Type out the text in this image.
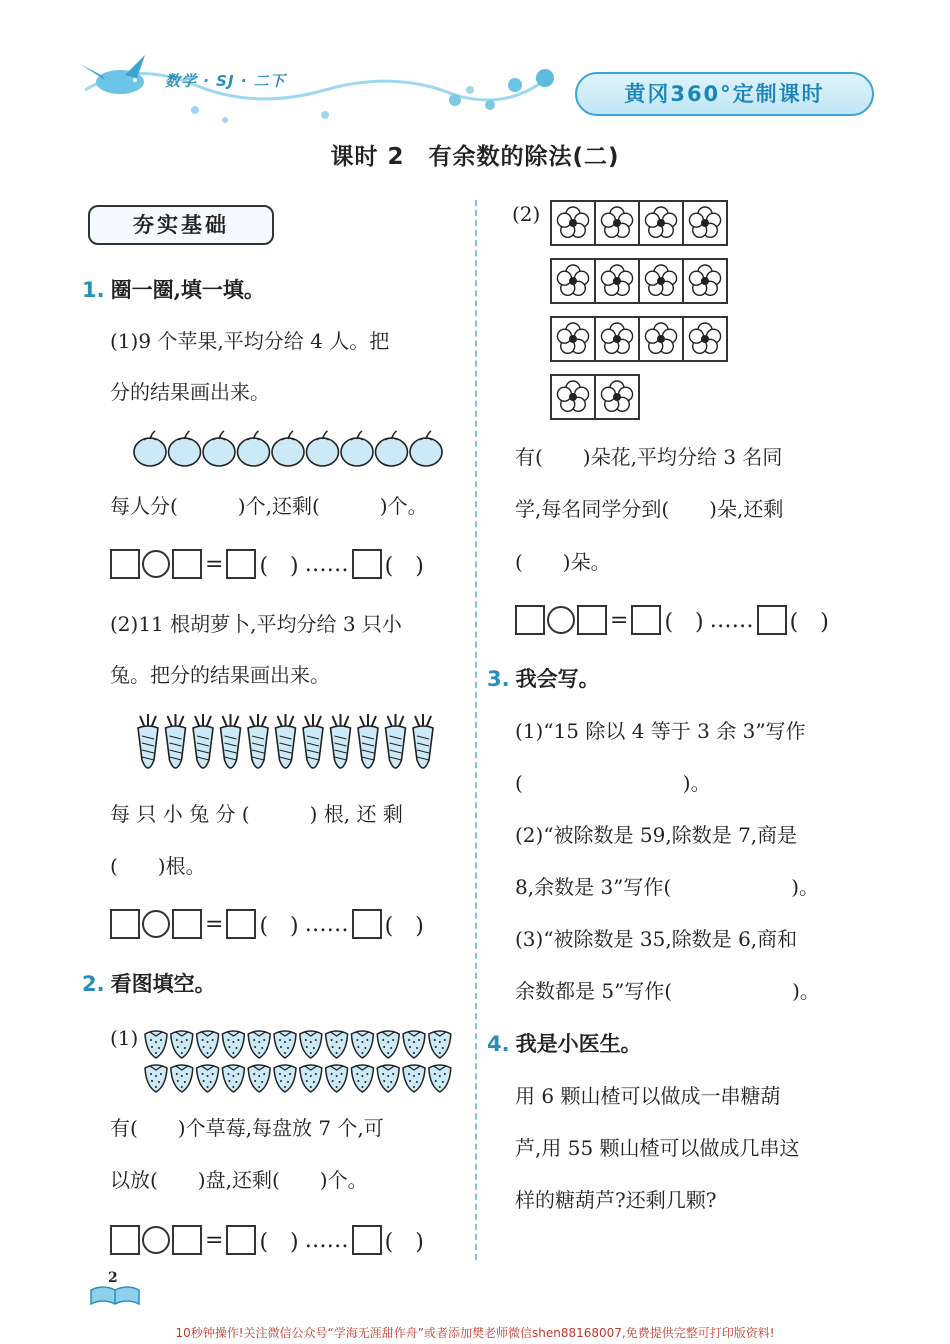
数学 · SJ · 二下
黄冈360°定制课时
课时 2　有余数的除法(二)
夯实基础
1. 圈一圈,填一填。
(1)9 个苹果,平均分给 4 人。把
分的结果画出来。
每人分(　　　)个,还剩(　　　)个。
= (　) …… (　)
(2)11 根胡萝卜,平均分给 3 只小
兔。把分的结果画出来。
每 只 小 兔 分 (　　　) 根, 还 剩
(　　)根。
= (　) …… (　)
2. 看图填空。
(1)
有(　　)个草莓,每盘放 7 个,可
以放(　　)盘,还剩(　　)个。
= (　) …… (　)
(2)
有(　　)朵花,平均分给 3 名同
学,每名同学分到(　　)朵,还剩
(　　)朵。
= (　) …… (　)
3. 我会写。
(1)“15 除以 4 等于 3 余 3”写作
(　　　　　　　　)。
(2)“被除数是 59,除数是 7,商是
8,余数是 3”写作(　　　　　　)。
(3)“被除数是 35,除数是 6,商和
余数都是 5”写作(　　　　　　)。
4. 我是小医生。
用 6 颗山楂可以做成一串糖葫
芦,用 55 颗山楂可以做成几串这
样的糖葫芦?还剩几颗?
2
10秒钟操作!关注微信公众号“学海无涯甜作舟”或者添加樊老师微信shen88168007,免费提供完整可打印版资料!
